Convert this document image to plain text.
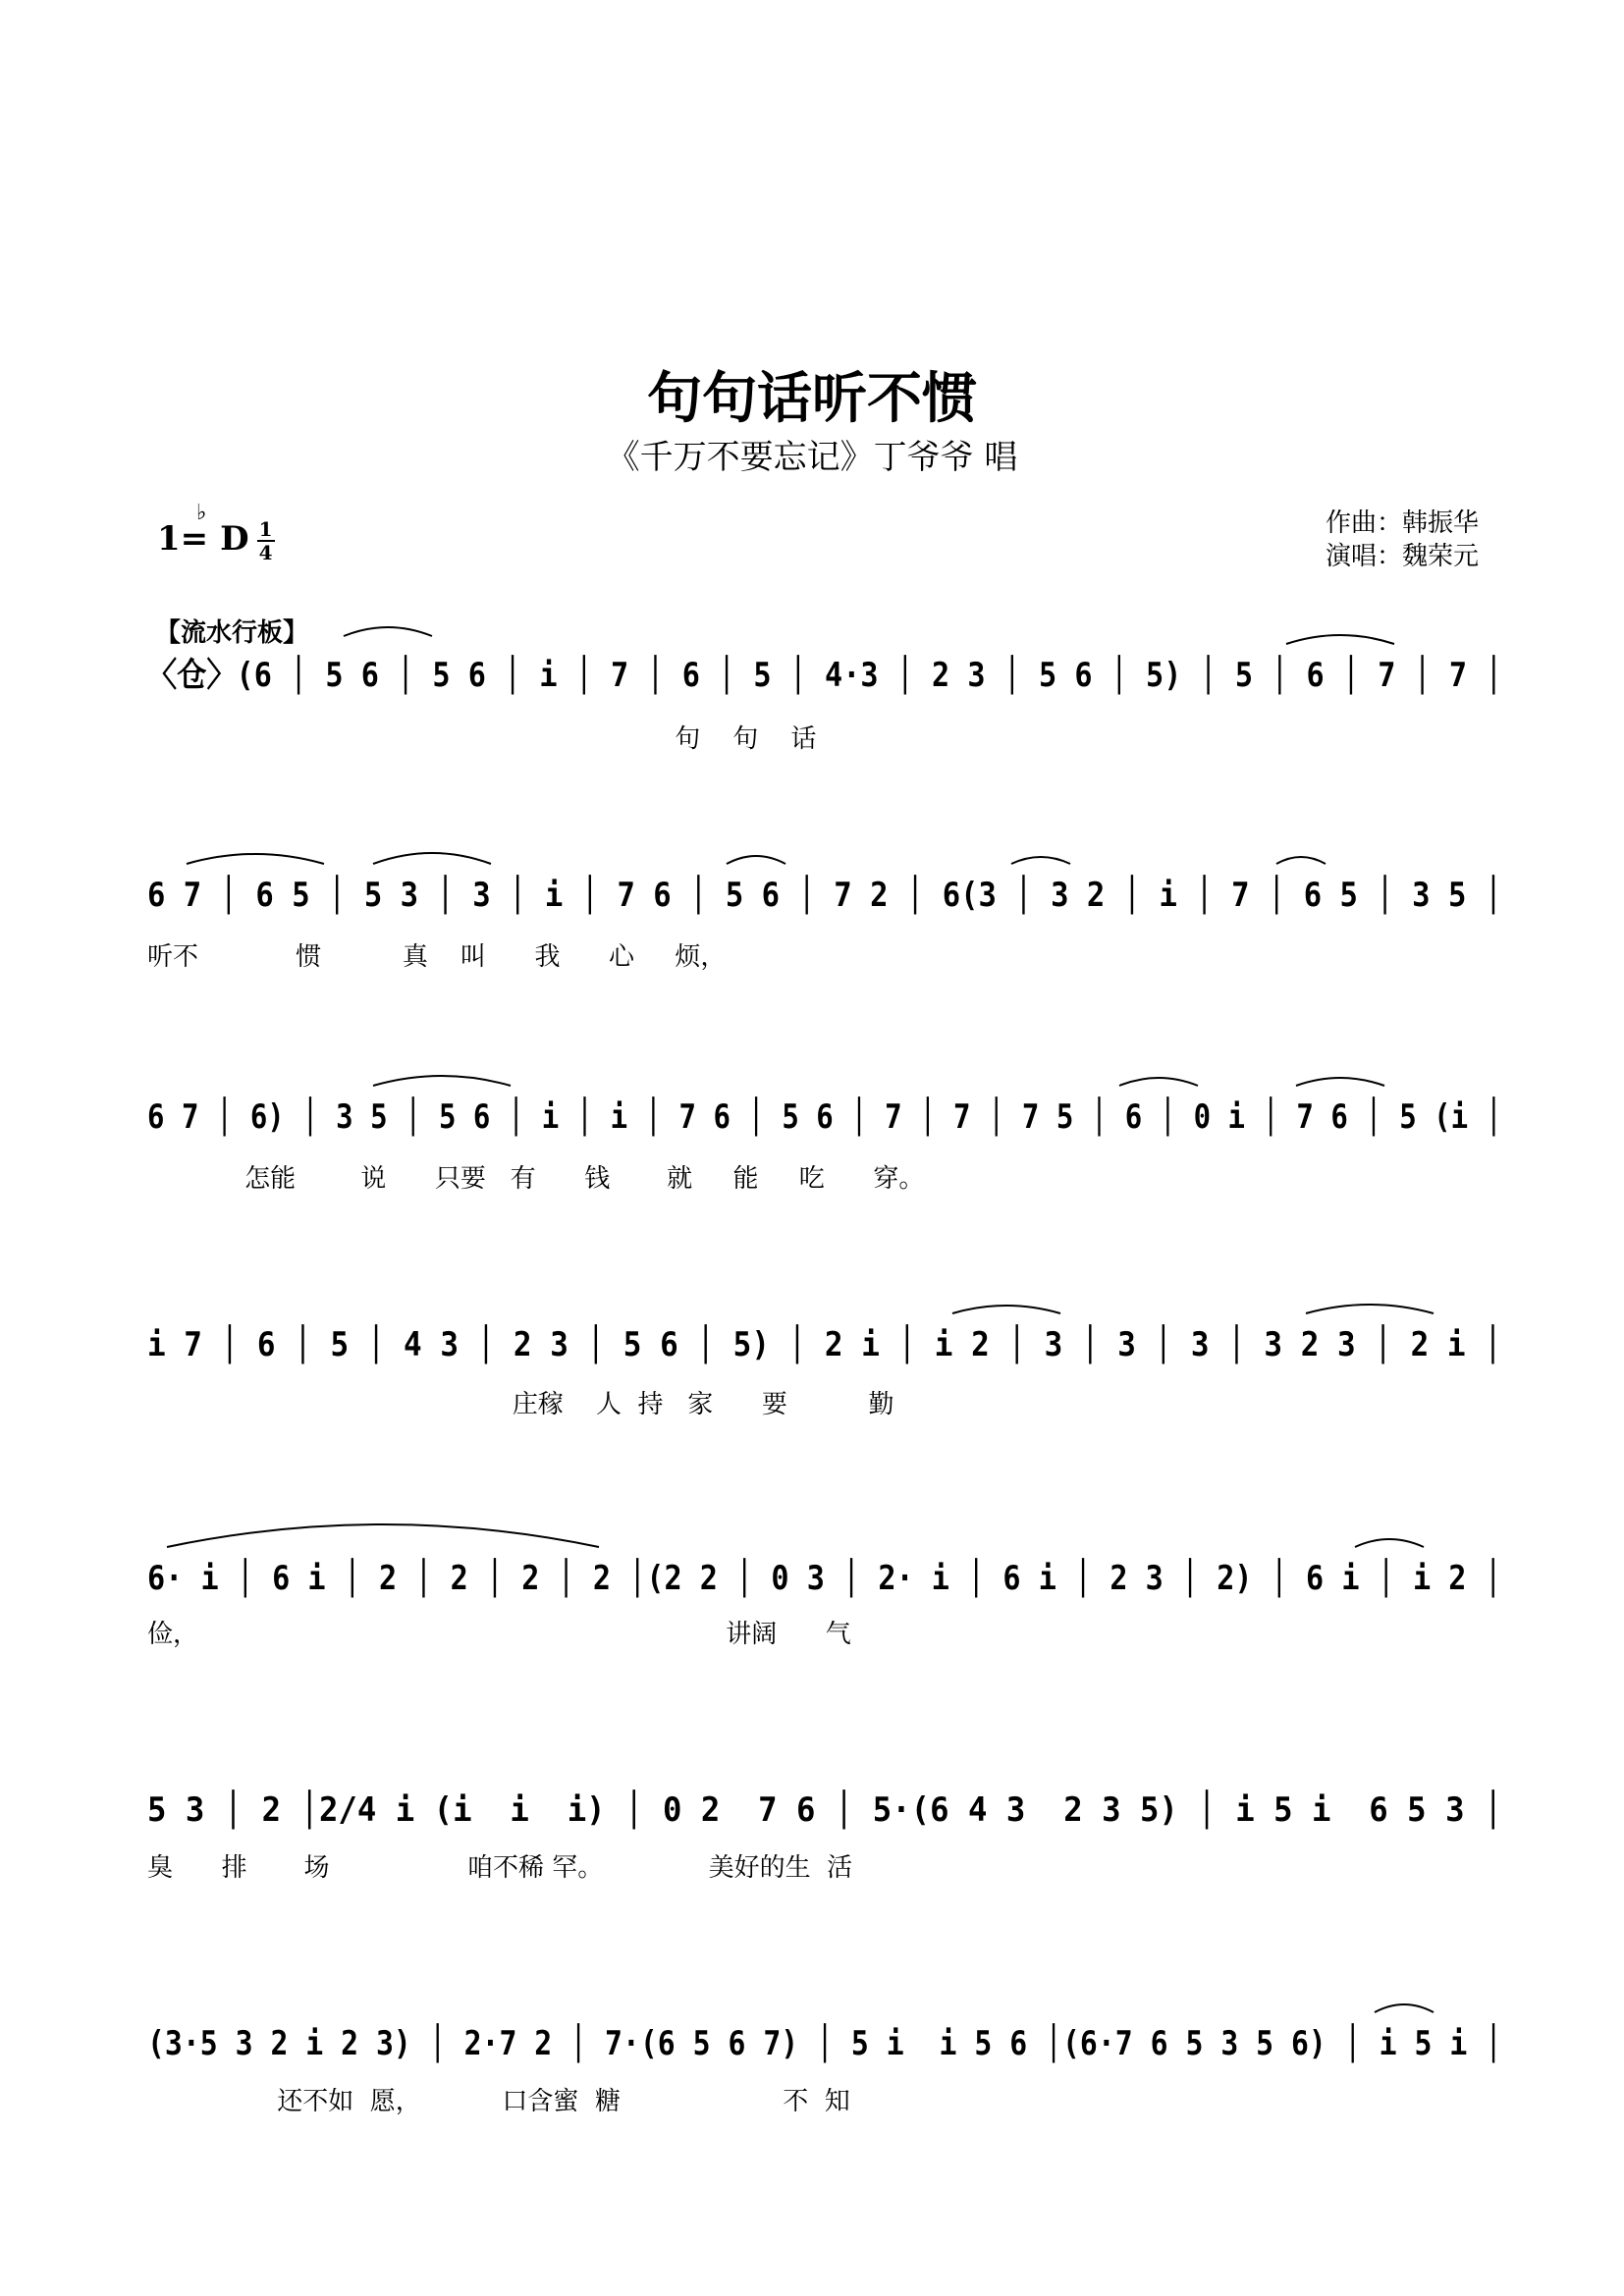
句句话听不惯
《千万不要忘记》丁爷爷 唱
1=
♭
D $\frac{1}{4}$	作曲：韩振华
演唱：魏荣元
【流水行板】
〈仓〉(6 │ 5 6 │ 5 6 │ i │ 7 │ 6 │ 5 │ 4·3 │ 2 3 │ 5 6 │ 5) │ 5 │ 6 │ 7 │ 7 │
句    句    话
6 7 │ 6 5 │ 5 3 │ 3 │ i │ 7 6 │ 5 6 │ 7 2 │ 6(3 │ 3 2 │ i │ 7 │ 6 5 │ 3 5 │
听不            惯          真    叫      我      心     烦，
6 7 │ 6) │ 3 5 │ 5 6 │ i │ i │ 7 6 │ 5 6 │ 7 │ 7 │ 7 5 │ 6 │ 0 i │ 7 6 │ 5 (i │
怎能        说      只要   有      钱       就     能     吃      穿。
i 7 │ 6 │ 5 │ 4 3 │ 2 3 │ 5 6 │ 5) │ 2 i │ i 2 │ 3 │ 3 │ 3 │ 3 2 3 │ 2 i │
庄稼    人  持   家      要          勤
6· i │ 6 i │ 2 │ 2 │ 2 │ 2 │(2 2 │ 0 3 │ 2· i │ 6 i │ 2 3 │ 2) │ 6 i │ i 2 │
俭，                                                                 讲阔      气
5 3 │ 2 │2/4 i (i  i  i) │ 0 2  7 6 │ 5·(6 4 3  2 3 5) │ i 5 i  6 5 3 │
臭      排       场                 咱不稀 罕。             美好的生  活
(3·5 3 2 i 2 3) │ 2·7 2 │ 7·(6 5 6 7) │ 5 i  i 5 6 │(6·7 6 5 3 5 6) │ i 5 i │
还不如  愿，          口含蜜  糖                    不  知
